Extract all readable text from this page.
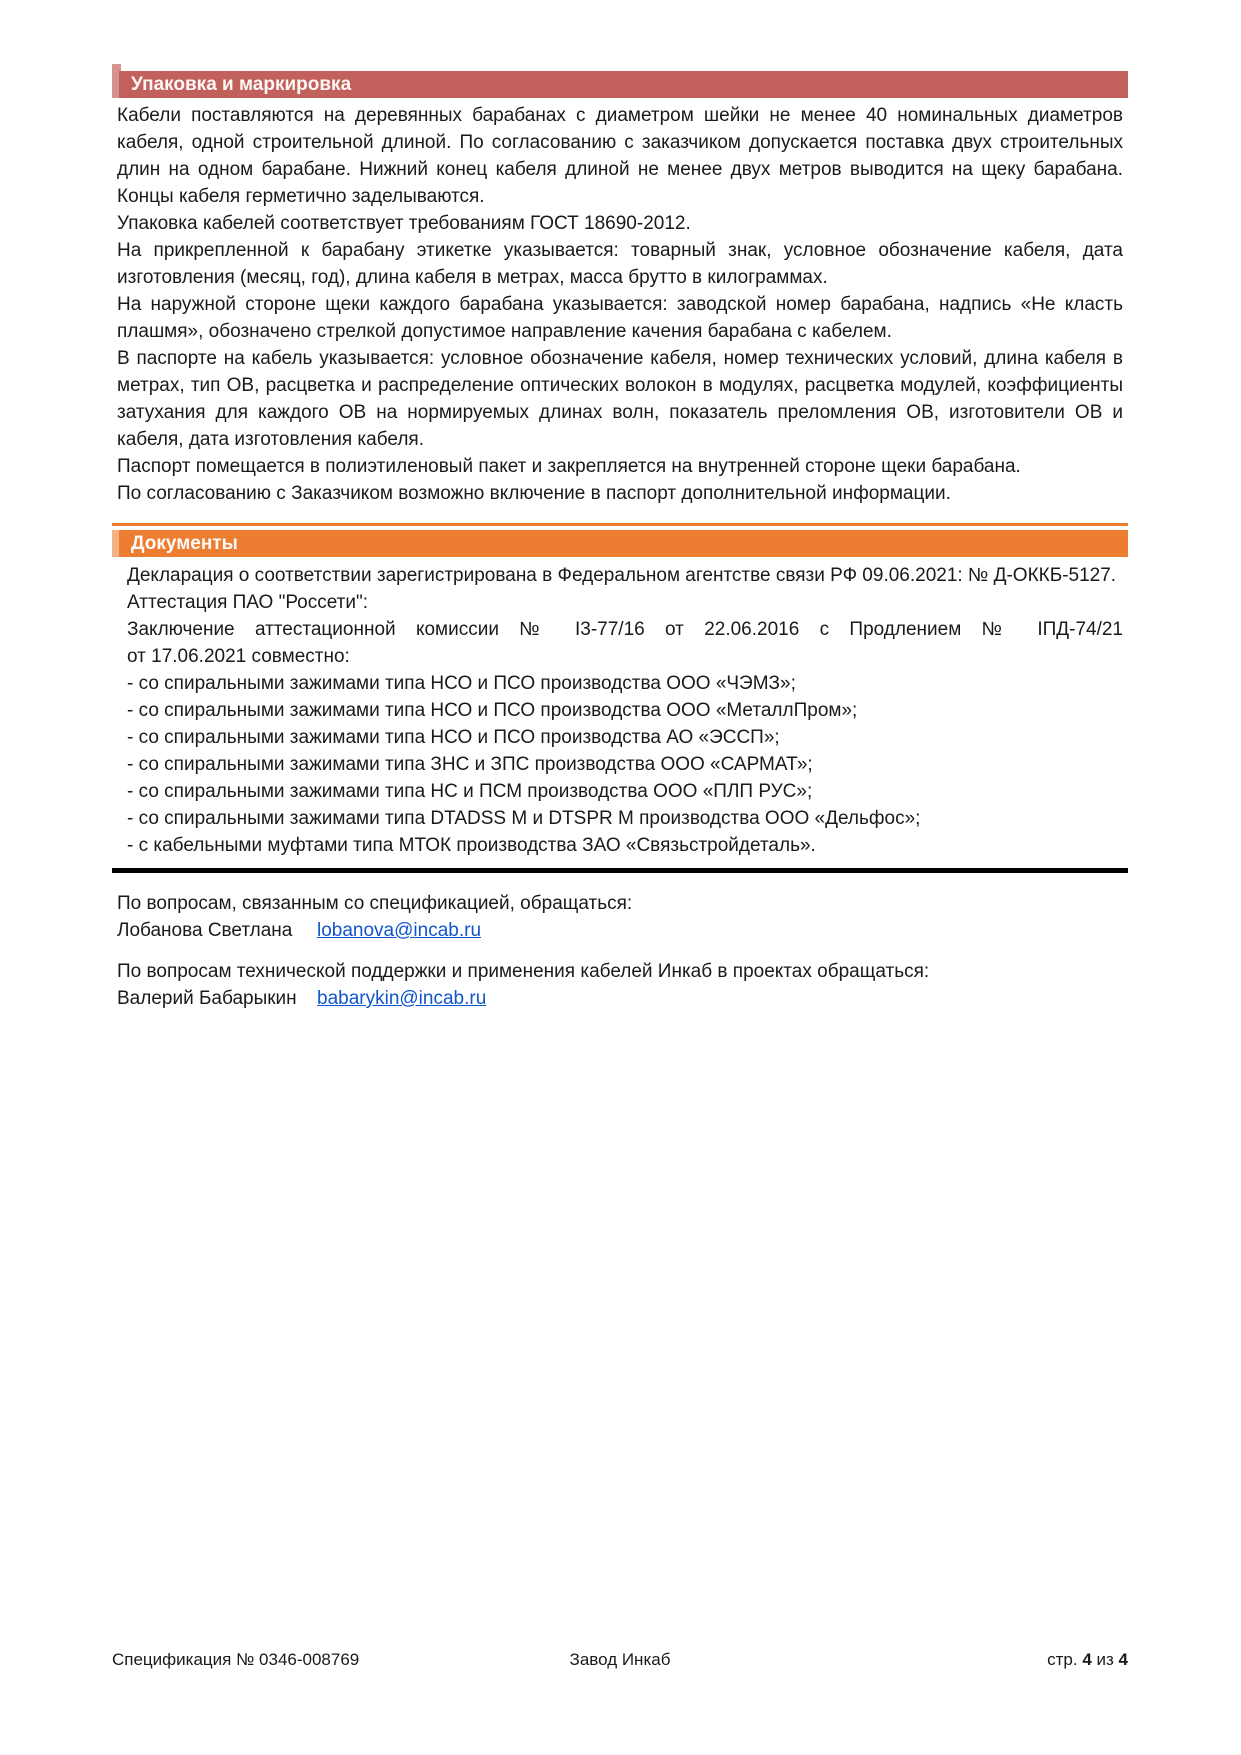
Упаковка и маркировка
Кабели поставляются на деревянных барабанах с диаметром шейки не менее 40 номинальных диаметров кабеля, одной строительной длиной. По согласованию с заказчиком допускается поставка двух строительных длин на одном барабане. Нижний конец кабеля длиной не менее двух метров выводится на щеку барабана. Концы кабеля герметично заделываются.
Упаковка кабелей соответствует требованиям ГОСТ 18690-2012.
На прикрепленной к барабану этикетке указывается: товарный знак, условное обозначение кабеля, дата изготовления (месяц, год), длина кабеля в метрах, масса брутто в килограммах.
На наружной стороне щеки каждого барабана указывается: заводской номер барабана, надпись «Не класть плашмя», обозначено стрелкой допустимое направление качения барабана с кабелем.
В паспорте на кабель указывается: условное обозначение кабеля, номер технических условий, длина кабеля в метрах, тип ОВ, расцветка и распределение оптических волокон в модулях, расцветка модулей, коэффициенты затухания для каждого ОВ на нормируемых длинах волн, показатель преломления ОВ, изготовители ОВ и кабеля, дата изготовления кабеля.
Паспорт помещается в полиэтиленовый пакет и закрепляется на внутренней стороне щеки барабана.
По согласованию с Заказчиком возможно включение в паспорт дополнительной информации.
Документы
Декларация о соответствии зарегистрирована в Федеральном агентстве связи РФ 09.06.2021: № Д-ОККБ-5127.
Аттестация ПАО "Россети":
Заключение аттестационной комиссии № I3-77/16 от 22.06.2016 с Продлением № IПД-74/21
от 17.06.2021 совместно:
- со спиральными зажимами типа НСО и ПСО производства ООО «ЧЭМЗ»;
- со спиральными зажимами типа НСО и ПСО производства ООО «МеталлПром»;
- со спиральными зажимами типа НСО и ПСО производства АО «ЭССП»;
- со спиральными зажимами типа ЗНС и ЗПС производства ООО «САРМАТ»;
- со спиральными зажимами типа НС и ПСМ производства ООО «ПЛП РУС»;
- со спиральными зажимами типа DTADSS M и DTSPR M производства ООО «Дельфос»;
- с кабельными муфтами типа МТОК производства ЗАО «Связьстройдеталь».
По вопросам, связанным со спецификацией, обращаться:
Лобанова Светлана	lobanova@incab.ru
По вопросам технической поддержки и применения кабелей Инкаб в проектах обращаться:
Валерий Бабарыкин	babarykin@incab.ru
Спецификация № 0346-008769	Завод Инкаб	стр. 4 из 4
